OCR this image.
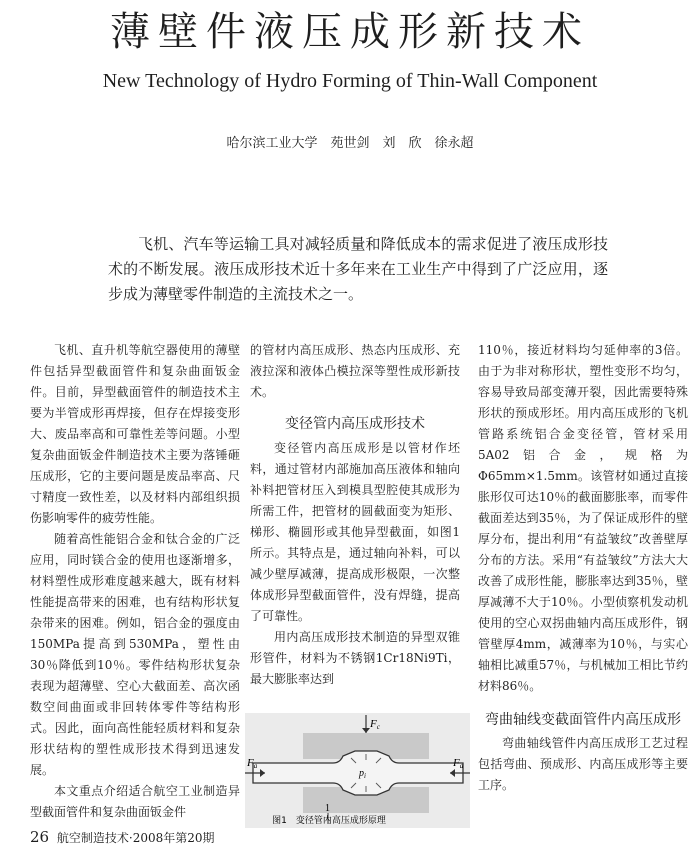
薄壁件液压成形新技术
New Technology of Hydro Forming of Thin-Wall Component
哈尔滨工业大学　苑世剑　刘　欣　徐永超

飞机、汽车等运输工具对减轻质量和降低成本的需求促进了液压成形技术的不断发展。液压成形技术近十多年来在工业生产中得到了广泛应用，逐步成为薄壁零件制造的主流技术之一。

飞机、直升机等航空器使用的薄壁件包括异型截面管件和复杂曲面钣金件。目前，异型截面管件的制造技术主要为半管成形再焊接，但存在焊接变形大、废品率高和可靠性差等问题。小型复杂曲面钣金件制造技术主要为落锤砸压成形，它的主要问题是废品率高、尺寸精度一致性差，以及材料内部组织损伤影响零件的疲劳性能。

随着高性能铝合金和钛合金的广泛应用，同时镁合金的使用也逐渐增多，材料塑性成形难度越来越大，既有材料性能提高带来的困难，也有结构形状复杂带来的困难。例如，铝合金的强度由150MPa提高到530MPa，塑性由30％降低到10％。零件结构形状复杂表现为超薄壁、空心大截面差、高次函数空间曲面或非回转体零件等结构形式。因此，面向高性能轻质材料和复杂形状结构的塑性成形技术得到迅速发展。

本文重点介绍适合航空工业制造异型截面管件和复杂曲面钣金件

的管材内高压成形、热态内压成形、充液拉深和液体凸模拉深等塑性成形新技术。

变径管内高压成形技术

变径管内高压成形是以管材作坯料，通过管材内部施加高压液体和轴向补料把管材压入到模具型腔使其成形为所需工件，把管材的圆截面变为矩形、梯形、椭圆形或其他异型截面，如图1所示。其特点是，通过轴向补料，可以减少壁厚减薄，提高成形极限，一次整体成形异型截面管件，没有焊缝，提高了可靠性。

用内高压成形技术制造的异型双锥形管件，材料为不锈钢1Cr18Ni9Ti，最大膨胀率达到

110％，接近材料均匀延伸率的3倍。由于为非对称形状，塑性变形不均匀，容易导致局部变薄开裂，因此需要特殊形状的预成形坯。用内高压成形的飞机管路系统铝合金变径管，管材采用5A02铝合金，规格为Φ65mm×1.5mm。该管材如通过直接胀形仅可达10％的截面膨胀率，而零件截面差达到35％，为了保证成形件的壁厚分布，提出利用“有益皱纹”改善壁厚分布的方法。采用“有益皱纹”方法大大改善了成形性能，膨胀率达到35％，壁厚减薄不大于10％。小型侦察机发动机使用的空心双拐曲轴内高压成形件，钢管壁厚4mm，减薄率为10％，与实心轴相比减重57％，与机械加工相比节约材料86％。

弯曲轴线变截面管件内高压成形

弯曲轴线管件内高压成形工艺过程包括弯曲、预成形、内高压成形等主要工序。

Fc
Fa	Fa
$p_i$
1
图1　变径管内高压成形原理
26 航空制造技术·2008年第20期
